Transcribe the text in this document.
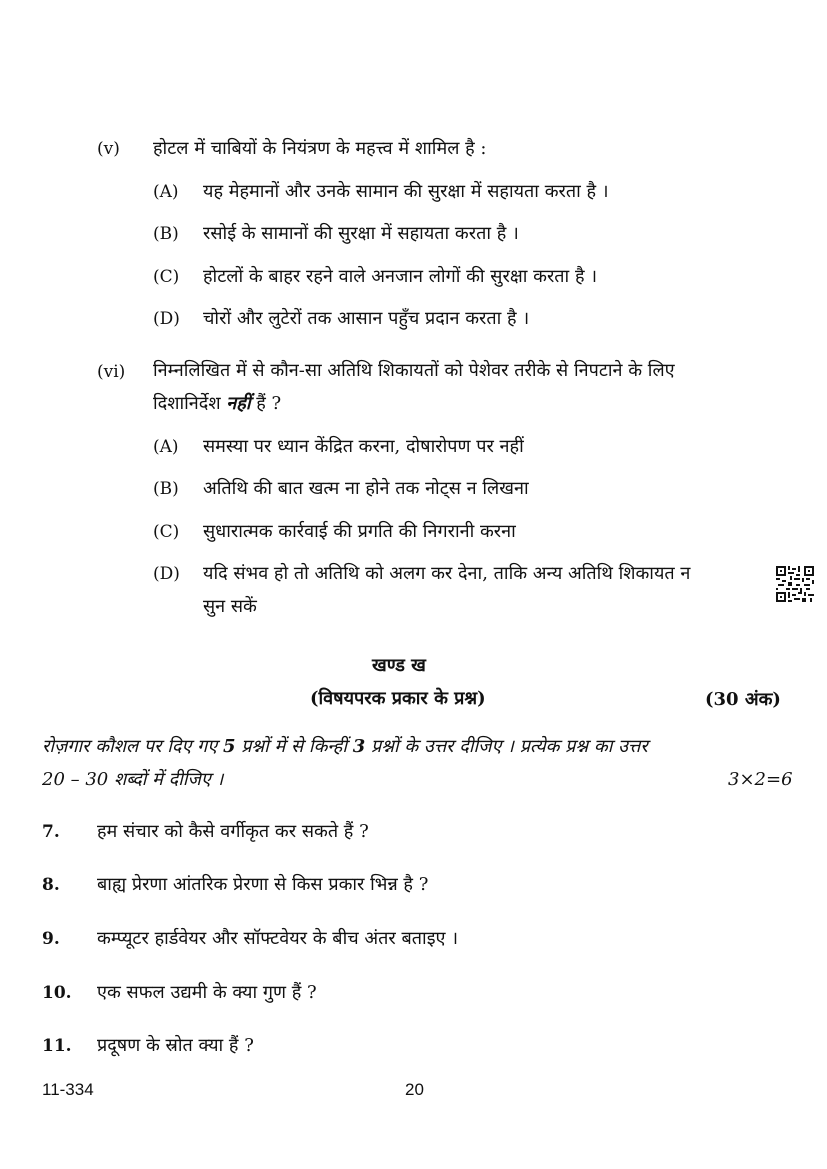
(v) होटल में चाबियों के नियंत्रण के महत्त्व में शामिल है :
(A) यह मेहमानों और उनके सामान की सुरक्षा में सहायता करता है ।
(B) रसोई के सामानों की सुरक्षा में सहायता करता है ।
(C) होटलों के बाहर रहने वाले अनजान लोगों की सुरक्षा करता है ।
(D) चोरों और लुटेरों तक आसान पहुँच प्रदान करता है ।
(vi) निम्नलिखित में से कौन-सा अतिथि शिकायतों को पेशेवर तरीके से निपटाने के लिए
दिशानिर्देश नहीं हैं ?
(A) समस्या पर ध्यान केंद्रित करना, दोषारोपण पर नहीं
(B) अतिथि की बात खत्म ना होने तक नोट्स न लिखना
(C) सुधारात्मक कार्रवाई की प्रगति की निगरानी करना
(D) यदि संभव हो तो अतिथि को अलग कर देना, ताकि अन्य अतिथि शिकायत न
सुन सकें
खण्ड ख
(विषयपरक प्रकार के प्रश्न)	(30 अंक)
रोज़गार कौशल पर दिए गए 5 प्रश्नों में से किन्हीं 3 प्रश्नों के उत्तर दीजिए । प्रत्येक प्रश्न का उत्तर
20 – 30 शब्दों में दीजिए ।	3×2=6
7. हम संचार को कैसे वर्गीकृत कर सकते हैं ?
8. बाह्य प्रेरणा आंतरिक प्रेरणा से किस प्रकार भिन्न है ?
9. कम्प्यूटर हार्डवेयर और सॉफ्टवेयर के बीच अंतर बताइए ।
10. एक सफल उद्यमी के क्या गुण हैं ?
11. प्रदूषण के स्रोत क्या हैं ?
11-334	20
